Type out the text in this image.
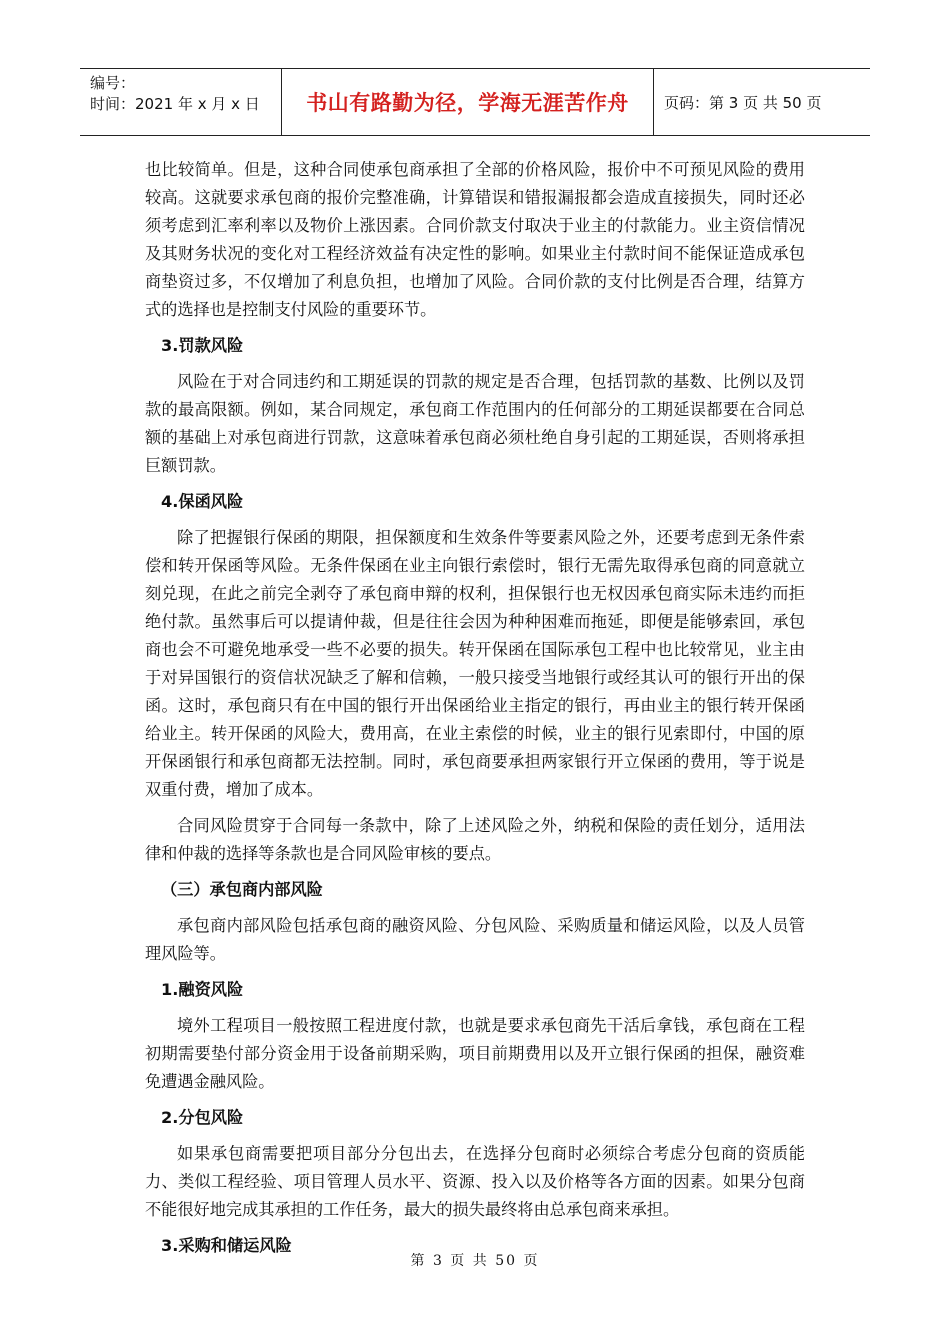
编号：
时间：2021 年 x 月 x 日	书山有路勤为径，学海无涯苦作舟	页码：第 3 页 共 50 页

也比较简单。但是，这种合同使承包商承担了全部的价格风险，报价中不可预见风险的费用较高。这就要求承包商的报价完整准确，计算错误和错报漏报都会造成直接损失，同时还必须考虑到汇率利率以及物价上涨因素。合同价款支付取决于业主的付款能力。业主资信情况及其财务状况的变化对工程经济效益有决定性的影响。如果业主付款时间不能保证造成承包商垫资过多，不仅增加了利息负担，也增加了风险。合同价款的支付比例是否合理，结算方式的选择也是控制支付风险的重要环节。

3.罚款风险

风险在于对合同违约和工期延误的罚款的规定是否合理，包括罚款的基数、比例以及罚款的最高限额。例如，某合同规定，承包商工作范围内的任何部分的工期延误都要在合同总额的基础上对承包商进行罚款，这意味着承包商必须杜绝自身引起的工期延误，否则将承担巨额罚款。

4.保函风险

除了把握银行保函的期限，担保额度和生效条件等要素风险之外，还要考虑到无条件索偿和转开保函等风险。无条件保函在业主向银行索偿时，银行无需先取得承包商的同意就立刻兑现，在此之前完全剥夺了承包商申辩的权利，担保银行也无权因承包商实际未违约而拒绝付款。虽然事后可以提请仲裁，但是往往会因为种种困难而拖延，即便是能够索回，承包商也会不可避免地承受一些不必要的损失。转开保函在国际承包工程中也比较常见，业主由于对异国银行的资信状况缺乏了解和信赖，一般只接受当地银行或经其认可的银行开出的保函。这时，承包商只有在中国的银行开出保函给业主指定的银行，再由业主的银行转开保函给业主。转开保函的风险大，费用高，在业主索偿的时候，业主的银行见索即付，中国的原开保函银行和承包商都无法控制。同时，承包商要承担两家银行开立保函的费用，等于说是双重付费，增加了成本。

合同风险贯穿于合同每一条款中，除了上述风险之外，纳税和保险的责任划分，适用法律和仲裁的选择等条款也是合同风险审核的要点。

（三）承包商内部风险

承包商内部风险包括承包商的融资风险、分包风险、采购质量和储运风险，以及人员管理风险等。

1.融资风险

境外工程项目一般按照工程进度付款，也就是要求承包商先干活后拿钱，承包商在工程初期需要垫付部分资金用于设备前期采购，项目前期费用以及开立银行保函的担保，融资难免遭遇金融风险。

2.分包风险

如果承包商需要把项目部分分包出去，在选择分包商时必须综合考虑分包商的资质能力、类似工程经验、项目管理人员水平、资源、投入以及价格等各方面的因素。如果分包商不能很好地完成其承担的工作任务，最大的损失最终将由总承包商来承担。

3.采购和储运风险
第 3 页 共 50 页
